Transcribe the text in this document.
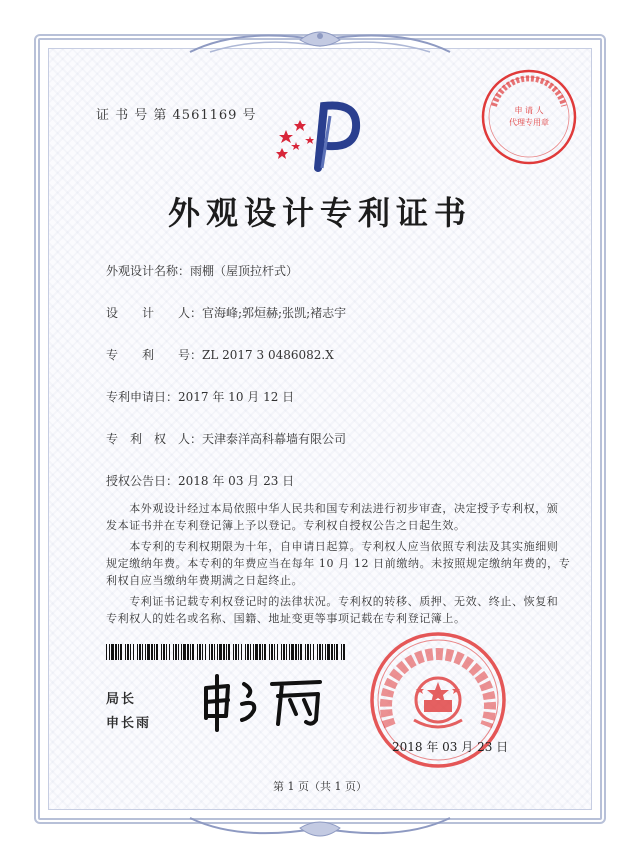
证 书 号 第 4561169 号	申 请 人
代理专用章
外观设计专利证书
外观设计名称：雨棚（屋顶拉杆式）
设　　计　　人：官海峰;郭烜赫;张凯;褚志宇
专　　利　　号：ZL 2017 3 0486082.X
专利申请日：2017 年 10 月 12 日
专　利　权　人：天津泰洋高科幕墙有限公司
授权公告日：2018 年 03 月 23 日
　　本外观设计经过本局依照中华人民共和国专利法进行初步审查，决定授予专利权，颁
发本证书并在专利登记簿上予以登记。专利权自授权公告之日起生效。
　　本专利的专利权期限为十年，自申请日起算。专利权人应当依照专利法及其实施细则
规定缴纳年费。本专利的年费应当在每年 10 月 12 日前缴纳。未按照规定缴纳年费的，专
利权自应当缴纳年费期满之日起终止。
　　专利证书记载专利权登记时的法律状况。专利权的转移、质押、无效、终止、恢复和
专利权人的姓名或名称、国籍、地址变更等事项记载在专利登记簿上。
局长
申长雨
2018 年 03 月 23 日
第 1 页（共 1 页）
